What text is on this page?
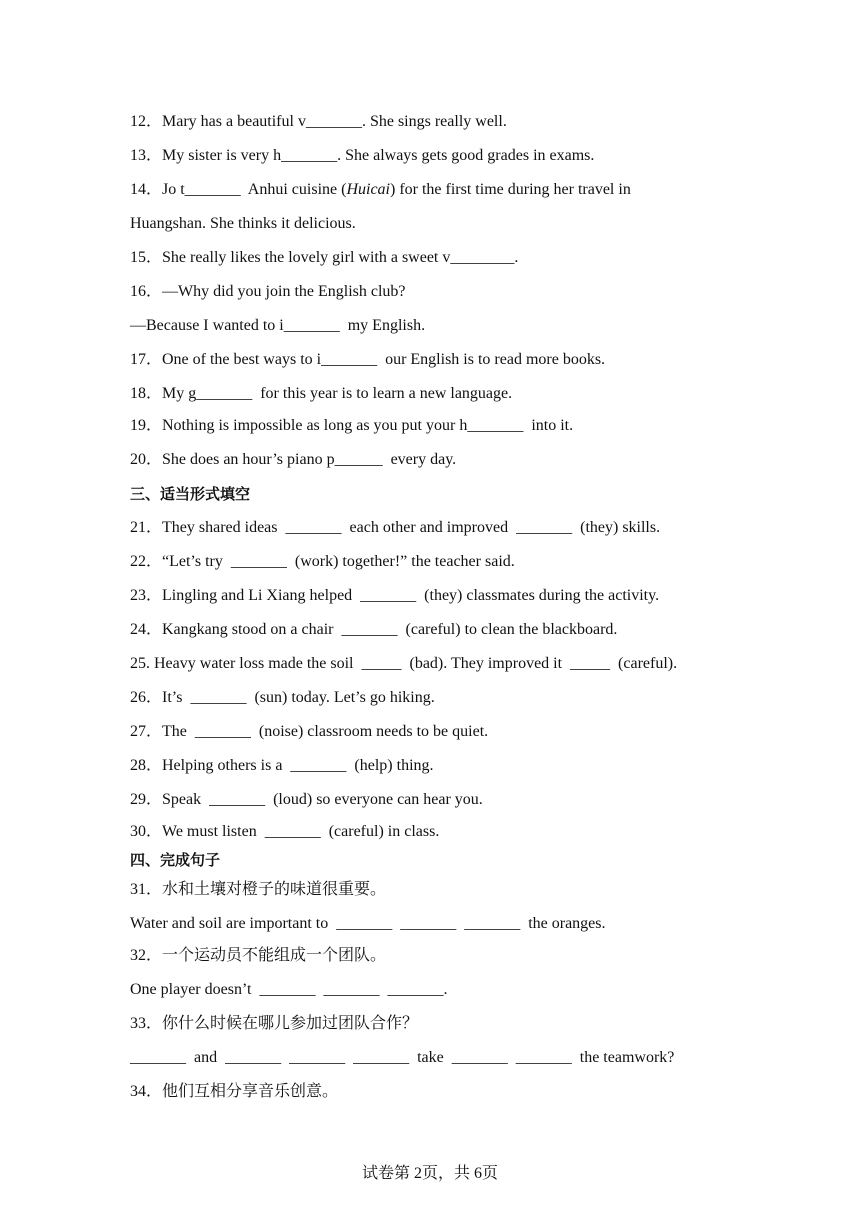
12．Mary has a beautiful v_______. She sings really well.
13．My sister is very h_______. She always gets good grades in exams.
14．Jo t_______  Anhui cuisine (Huicai) for the first time during her travel in
Huangshan. She thinks it delicious.
15．She really likes the lovely girl with a sweet v________.
16．—Why did you join the English club?
—Because I wanted to i_______  my English.
17．One of the best ways to i_______  our English is to read more books.
18．My g_______  for this year is to learn a new language.
19．Nothing is impossible as long as you put your h_______  into it.
20．She does an hour’s piano p______  every day.
三、适当形式填空
21．They shared ideas  _______  each other and improved  _______  (they) skills.
22．“Let’s try  _______  (work) together!” the teacher said.
23．Lingling and Li Xiang helped  _______  (they) classmates during the activity.
24．Kangkang stood on a chair  _______  (careful) to clean the blackboard.
25. Heavy water loss made the soil  _____  (bad). They improved it  _____  (careful).
26．It’s  _______  (sun) today. Let’s go hiking.
27．The  _______  (noise) classroom needs to be quiet.
28．Helping others is a  _______  (help) thing.
29．Speak  _______  (loud) so everyone can hear you.
30．We must listen  _______  (careful) in class.
四、完成句子
31．水和土壤对橙子的味道很重要。
Water and soil are important to  _______  _______  _______  the oranges.
32．一个运动员不能组成一个团队。
One player doesn’t  _______  _______  _______.
33．你什么时候在哪儿参加过团队合作？
_______  and  _______  _______  _______  take  _______  _______  the teamwork?
34．他们互相分享音乐创意。
试卷第 2页，共 6页
